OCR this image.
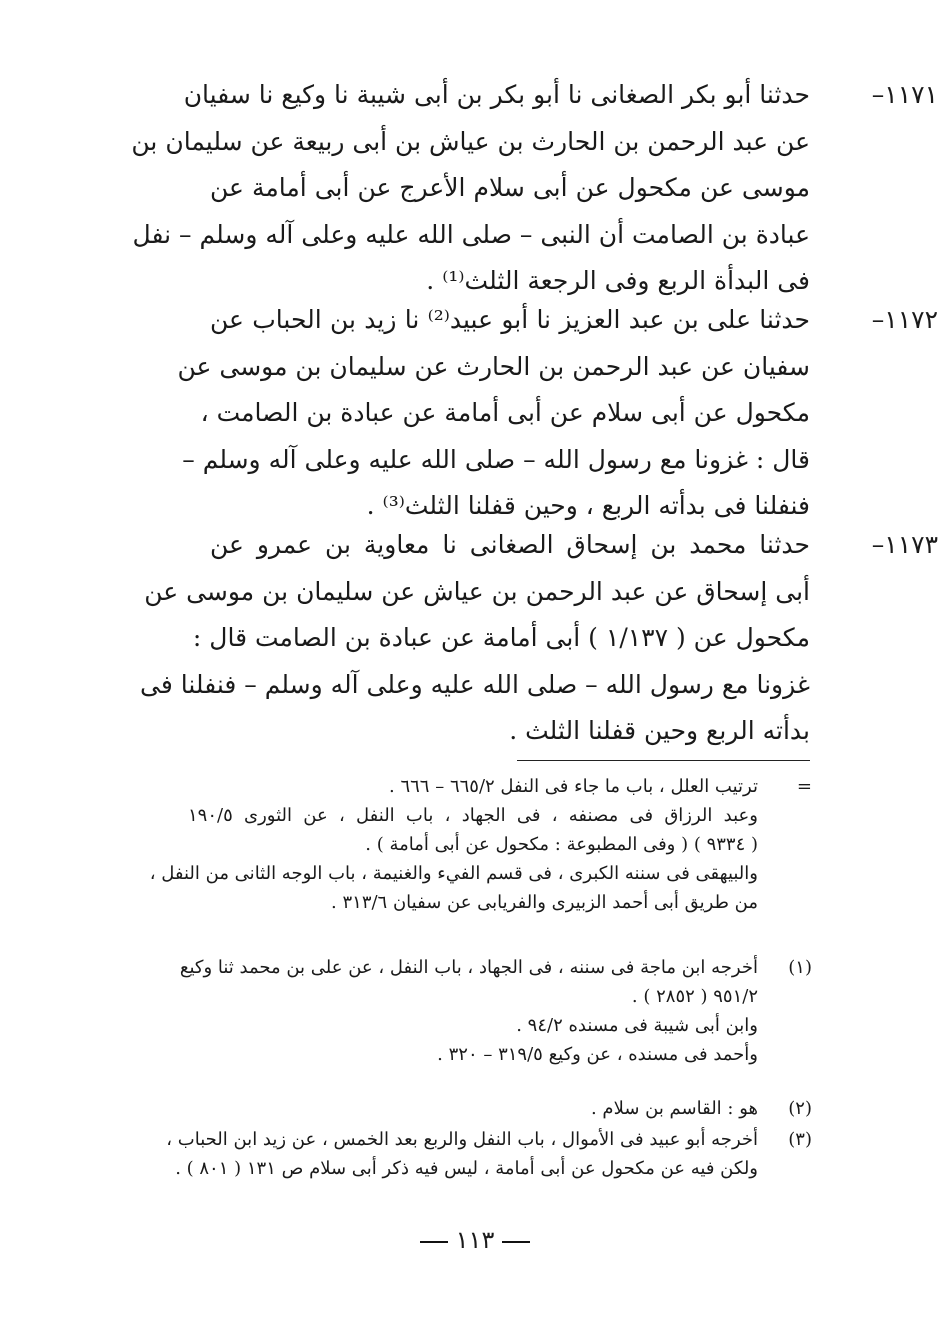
١١٧١–
حدثنا أبو بكر الصغانى نا أبو بكر بن أبى شيبة نا وكيع نا سفيان
عن عبد الرحمن بن الحارث بن عياش بن أبى ربيعة عن سليمان بن
موسى عن مكحول عن أبى سلام الأعرج عن أبى أمامة عن
عبادة بن الصامت أن النبى – صلى الله عليه وعلى آله وسلم – نفل
فى البدأة الربع وفى الرجعة الثلث⁽¹⁾ .
١١٧٢–
حدثنا على بن عبد العزيز نا أبو عبيد⁽²⁾ نا زيد بن الحباب عن
سفيان عن عبد الرحمن بن الحارث عن سليمان بن موسى عن
مكحول عن أبى سلام عن أبى أمامة عن عبادة بن الصامت ،
قال : غزونا مع رسول الله – صلى الله عليه وعلى آله وسلم –
فنفلنا فى بدأته الربع ، وحين قفلنا الثلث⁽³⁾ .
١١٧٣–
حدثنا محمد بن إسحاق الصغانى نا معاوية بن عمرو عن
أبى إسحاق عن عبد الرحمن بن عياش عن سليمان بن موسى عن
مكحول عن ( ١/١٣٧ ) أبى أمامة عن عبادة بن الصامت قال :
غزونا مع رسول الله – صلى الله عليه وعلى آله وسلم – فنفلنا فى
بدأته الربع وحين قفلنا الثلث .
=
ترتيب العلل ، باب ما جاء فى النفل ٦٦٥/٢ – ٦٦٦ .
وعبد الرزاق فى مصنفه ، فى الجهاد ، باب النفل ، عن الثورى ١٩٠/٥
( ٩٣٣٤ ) ( وفى المطبوعة : مكحول عن أبى أمامة ) .
والبيهقى فى سننه الكبرى ، فى قسم الفيء والغنيمة ، باب الوجه الثانى من النفل ،
من طريق أبى أحمد الزبيرى والفريابى عن سفيان ٣١٣/٦ .
(١)
أخرجه ابن ماجة فى سننه ، فى الجهاد ، باب النفل ، عن على بن محمد ثنا وكيع
٩٥١/٢ ( ٢٨٥٢ ) .
وابن أبى شيبة فى مسنده ٩٤/٢ .
وأحمد فى مسنده ، عن وكيع ٣١٩/٥ – ٣٢٠ .
(٢)
هو : القاسم بن سلام .
(٣)
أخرجه أبو عبيد فى الأموال ، باب النفل والربع بعد الخمس ، عن زيد ابن الحباب ،
ولكن فيه عن مكحول عن أبى أمامة ، ليس فيه ذكر أبى سلام ص ١٣١ ( ٨٠١ ) .
١١٣
